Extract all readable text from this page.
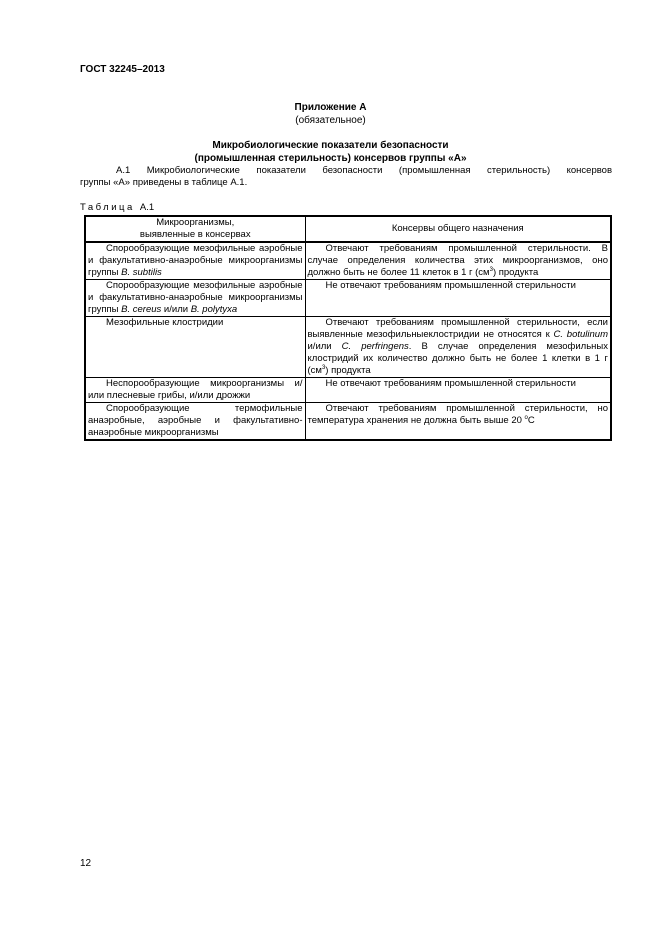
ГОСТ 32245–2013
Приложение А
(обязательное)
Микробиологические показатели безопасности
(промышленная стерильность) консервов группы «А»
А.1 Микробиологические показатели безопасности (промышленная стерильность) консервов
группы «А» приведены в таблице А.1.
Таблица А.1
Микроорганизмы,
выявленные в консервах	Консервы общего назначения
Спорообразующие мезофильные аэробные и факультативно-анаэробные микроорганизмы группы B. subtilis	Отвечают требованиям промышленной стерильности. В случае определения количества этих микроорганизмов, оно должно быть не более 11 клеток в 1 г $(см^3)$ продукта
Спорообразующие мезофильные аэробные и факультативно-анаэробные микроорганизмы группы B. cereus и/или B. polytyxa	Не отвечают требованиям промышленной стерильности
Мезофильные клостридии	Отвечают требованиям промышленной стерильности, если выявленные мезофильныеклостридии не относятся к C. botulinum и/или C. perfringens. В случае определения мезофильных клостридий их количество должно быть не более 1 клетки в 1 г $(см^3)$ продукта
Неспорообразующие микроорганизмы и/или плесневые грибы, и/или дрожжи	Не отвечают требованиям промышленной стерильности
Спорообразующие термофильные анаэробные, аэробные и факультативно-анаэробные микроорганизмы	Отвечают требованиям промышленной стерильности, но температура хранения не должна быть выше 20 $^о$С
12
